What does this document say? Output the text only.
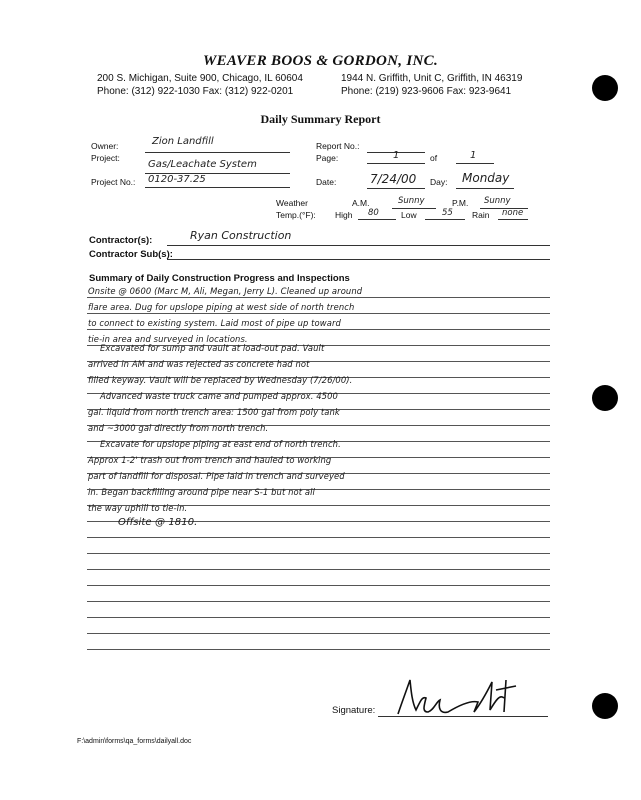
WEAVER BOOS & GORDON, INC.
200 S. Michigan, Suite 900, Chicago, IL 60604
Phone: (312) 922-1030 Fax: (312) 922-0201
1944 N. Griffith, Unit C, Griffith, IN 46319
Phone: (219) 923-9606 Fax: 923-9641
Daily Summary Report
Owner:	Zion Landfill
Project:
Gas/Leachate System
Project No.: 0120-37.25
Report No.:
Page:	1	of	1
Date:	7/24/00 Day: Monday
Weather	A.M.	Sunny	P.M. Sunny
Temp.(°F): High 80	Low	55 Rain none
Contractor(s):	Ryan Construction
Contractor Sub(s):
Summary of Daily Construction Progress and Inspections
Onsite @ 0600 (Marc M, Ali, Megan, Jerry L). Cleaned up around
flare area. Dug for upslope piping at west side of north trench
to connect to existing system. Laid most of pipe up toward
tie-in area and surveyed in locations.
Excavated for sump and vault at load-out pad. Vault
arrived in AM and was rejected as concrete had not
filled keyway. Vault will be replaced by Wednesday (7/26/00).
Advanced waste truck came and pumped approx. 4500
gal. liquid from north trench area: 1500 gal from poly tank
and ~3000 gal directly from north trench.
Excavate for upslope piping at east end of north trench.
Approx 1-2' trash out from trench and hauled to working
part of landfill for disposal. Pipe laid in trench and surveyed
in. Began backfilling around pipe near S-1 but not all
the way uphill to tie-in.
Offsite @ 1810.
Signature:
F:\admin\forms\qa_forms\dailyall.doc
